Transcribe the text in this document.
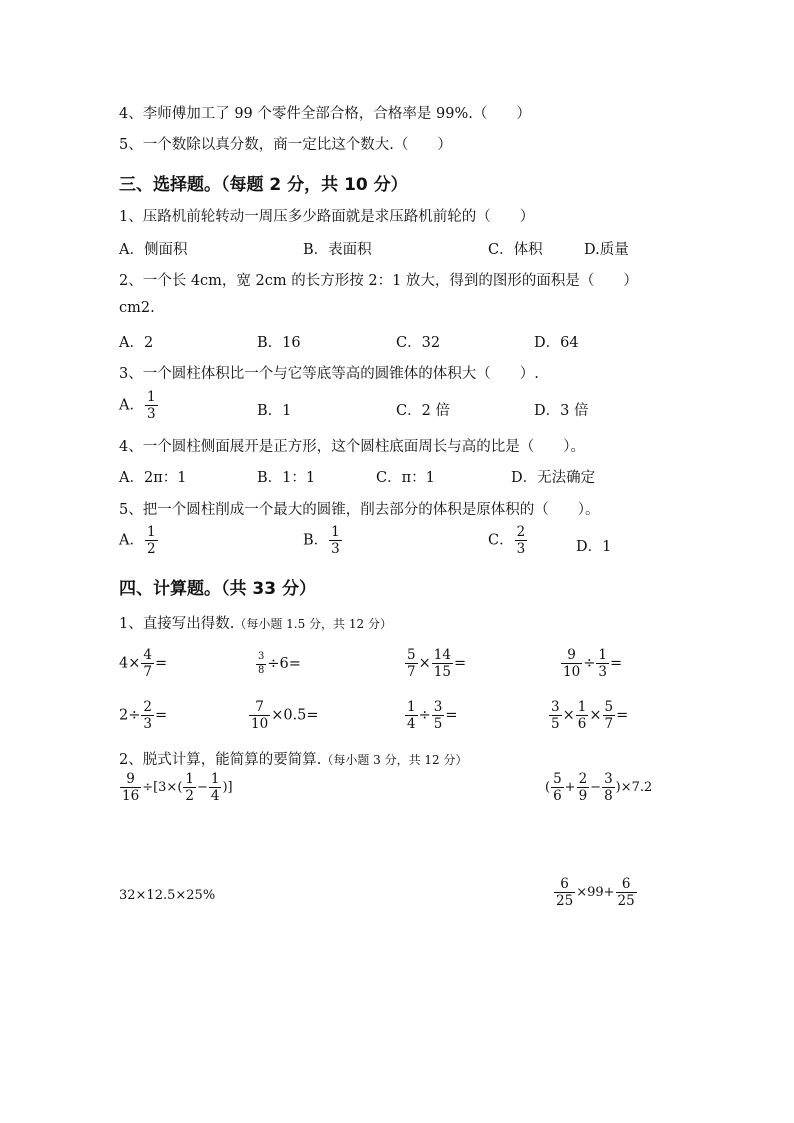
4、李师傅加工了 99 个零件全部合格，合格率是 99%.（　　）
5、一个数除以真分数，商一定比这个数大.（　　）
三、选择题。（每题 2 分，共 10 分）
1、压路机前轮转动一周压多少路面就是求压路机前轮的（　　）
A．侧面积	B．表面积	C．体积	D.质量
2、一个长 4cm，宽 2cm 的长方形按 2：1 放大，得到的图形的面积是（　　）
cm2.
A．2	B．16	C．32	D．64
3、一个圆柱体积比一个与它等底等高的圆锥体的体积大（　　）.
A． $\frac{1}{3}$	B．1	C．2 倍	D．3 倍
4、一个圆柱侧面展开是正方形，这个圆柱底面周长与高的比是（　　）。
A．2π：1	B．1：1	C．π：1	D．无法确定
5、把一个圆柱削成一个最大的圆锥，削去部分的体积是原体积的（　　）。
A． $\frac{1}{2}$	B． $\frac{1}{3}$	C． $\frac{2}{3}$	D．1
四、计算题。（共 33 分）
1、直接写出得数.（每小题 1.5 分，共 12 分）
$4\times \frac{4}{7}$ =	$\frac{3}{8} \div 6=$	$\frac{5}{7} \times \frac{14}{15}$ =	$\frac{9}{10} \div \frac{1}{3}$ =
$2\div \frac{2}{3}$ =	$\frac{7}{10} \times 0.5=$	$\frac{1}{4} \div \frac{3}{5}$ =	$\frac{3}{5} \times \frac{1}{6} \times \frac{5}{7}$ =
2、脱式计算，能简算的要简算.（每小题 3 分，共 12 分）
$\frac{9}{16} \div[3\times( \frac{1}{2} - \frac{1}{4}$ )]	( $\frac{5}{6} + \frac{2}{9} - \frac{3}{8} )\times 7.2$
32×12.5×25%	$\frac{6}{25} \times 99+ \frac{6}{25}$
